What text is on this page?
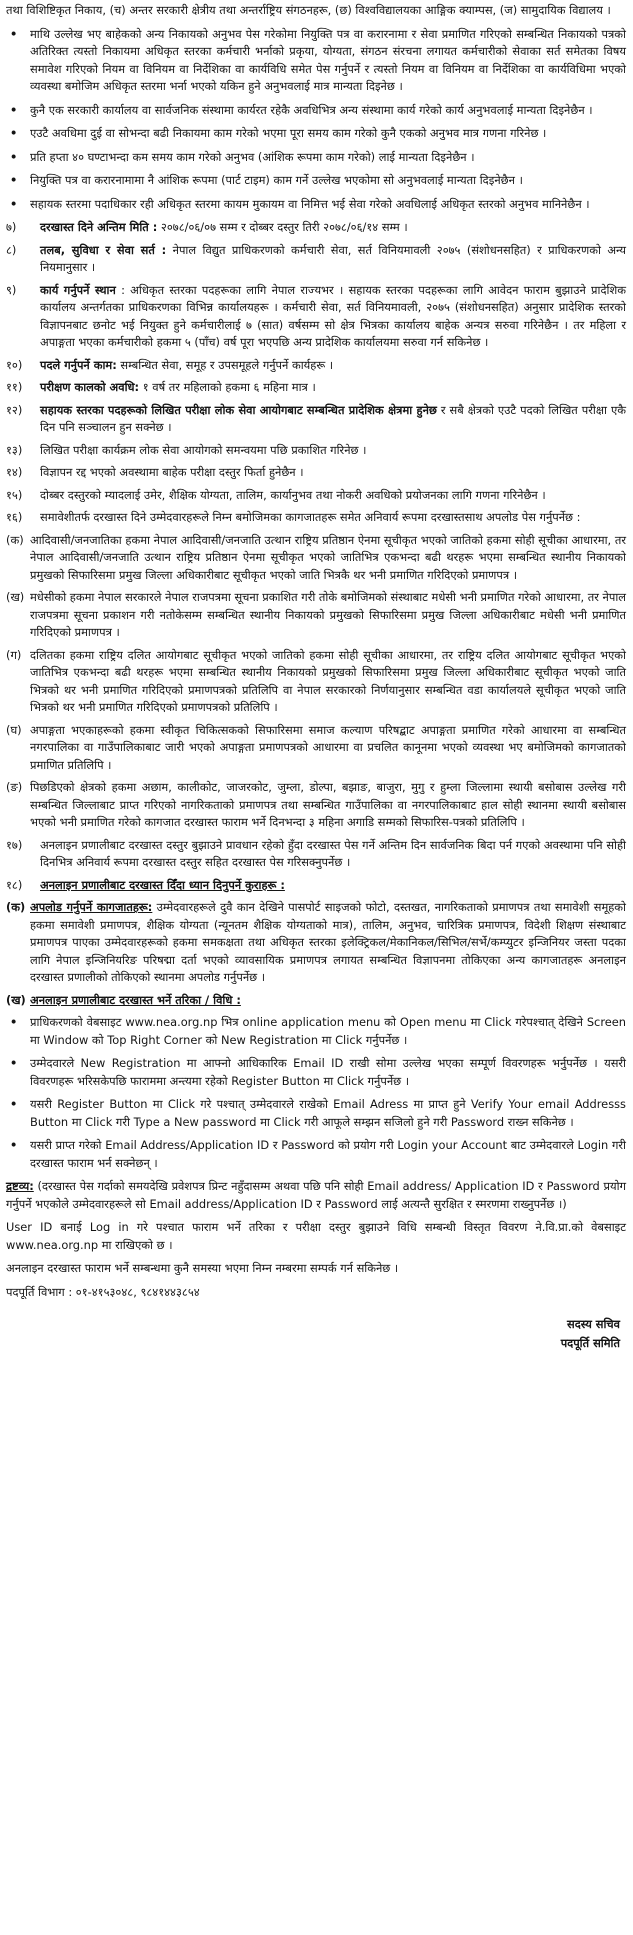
तथा विशिष्टिकृत निकाय, (च) अन्तर सरकारी क्षेत्रीय तथा अन्तर्राष्ट्रिय संगठनहरू, (छ) विश्वविद्यालयका आङ्गिक क्याम्पस, (ज) सामुदायिक विद्यालय ।
•	माथि उल्लेख भए बाहेकको अन्य निकायको अनुभव पेस गरेकोमा नियुक्ति पत्र वा करारनामा र सेवा प्रमाणित गरिएको सम्बन्धित निकायको पत्रको अतिरिक्त त्यस्तो निकायमा अधिकृत स्तरका कर्मचारी भर्नाको प्रकृया, योग्यता, संगठन संरचना लगायत कर्मचारीको सेवाका सर्त समेतका विषय समावेश गरिएको नियम वा विनियम वा निर्देशिका वा कार्यविधि समेत पेस गर्नुपर्ने र त्यस्तो नियम वा विनियम वा निर्देशिका वा कार्यविधिमा भएको व्यवस्था बमोजिम अधिकृत स्तरमा भर्ना भएको यकिन हुने अनुभवलाई मात्र मान्यता दिइनेछ ।
•	कुनै एक सरकारी कार्यालय वा सार्वजनिक संस्थामा कार्यरत रहेकै अवधिभित्र अन्य संस्थामा कार्य गरेको कार्य अनुभवलाई मान्यता दिइनेछैन ।
•	एउटै अवधिमा दुई वा सोभन्दा बढी निकायमा काम गरेको भएमा पूरा समय काम गरेको कुनै एकको अनुभव मात्र गणना गरिनेछ ।
•	प्रति हप्ता ४० घण्टाभन्दा कम समय काम गरेको अनुभव (आंशिक रूपमा काम गरेको) लाई मान्यता दिइनेछैन ।
•	नियुक्ति पत्र वा करारनामामा नै आंशिक रूपमा (पार्ट टाइम) काम गर्ने उल्लेख भएकोमा सो अनुभवलाई मान्यता दिइनेछैन ।
•	सहायक स्तरमा पदाधिकार रही अधिकृत स्तरमा कायम मुकायम वा निमित्त भई सेवा गरेको अवधिलाई अधिकृत स्तरको अनुभव मानिनेछैन ।
७)	दरखास्त दिने अन्तिम मिति : २०७८/०६/०७ सम्म र दोब्बर दस्तुर तिरी २०७८/०६/१४ सम्म ।
८)	तलब, सुविधा र सेवा सर्त : नेपाल विद्युत प्राधिकरणको कर्मचारी सेवा, सर्त विनियमावली २०७५ (संशोधनसहित) र प्राधिकरणको अन्य नियमानुसार ।
९)	कार्य गर्नुपर्ने स्थान : अधिकृत स्तरका पदहरूका लागि नेपाल राज्यभर । सहायक स्तरका पदहरूका लागि आवेदन फाराम बुझाउने प्रादेशिक कार्यालय अन्तर्गतका प्राधिकरणका विभिन्न कार्यालयहरू । कर्मचारी सेवा, सर्त विनियमावली, २०७५ (संशोधनसहित) अनुसार प्रादेशिक स्तरको विज्ञापनबाट छनोट भई नियुक्त हुने कर्मचारीलाई ७ (सात) वर्षसम्म सो क्षेत्र भित्रका कार्यालय बाहेक अन्यत्र सरुवा गरिनेछैन । तर महिला र अपाङ्गता भएका कर्मचारीको हकमा ५ (पाँच) वर्ष पूरा भएपछि अन्य प्रादेशिक कार्यालयमा सरुवा गर्न सकिनेछ ।
१०)	पदले गर्नुपर्ने काम: सम्बन्धित सेवा, समूह र उपसमूहले गर्नुपर्ने कार्यहरू ।
११)	परीक्षण कालको अवधि: १ वर्ष तर महिलाको हकमा ६ महिना मात्र ।
१२)	सहायक स्तरका पदहरूको लिखित परीक्षा लोक सेवा आयोगबाट सम्बन्धित प्रादेशिक क्षेत्रमा हुनेछ र सबै क्षेत्रको एउटै पदको लिखित परीक्षा एकै दिन पनि सञ्चालन हुन सक्नेछ ।
१३)	लिखित परीक्षा कार्यक्रम लोक सेवा आयोगको समन्वयमा पछि प्रकाशित गरिनेछ ।
१४)	विज्ञापन रद्द भएको अवस्थामा बाहेक परीक्षा दस्तुर फिर्ता हुनेछैन ।
१५)	दोब्बर दस्तुरको म्यादलाई उमेर, शैक्षिक योग्यता, तालिम, कार्यानुभव तथा नोकरी अवधिको प्रयोजनका लागि गणना गरिनेछैन ।
१६)	समावेशीतर्फ दरखास्त दिने उम्मेदवारहरूले निम्न बमोजिमका कागजातहरू समेत अनिवार्य रूपमा दरखास्तसाथ अपलोड पेस गर्नुपर्नेछ :
(क) आदिवासी/जनजातिका हकमा नेपाल आदिवासी/जनजाति उत्थान राष्ट्रिय प्रतिष्ठान ऐनमा सूचीकृत भएको जातिको हकमा सोही सूचीका आधारमा, तर नेपाल आदिवासी/जनजाति उत्थान राष्ट्रिय प्रतिष्ठान ऐनमा सूचीकृत भएको जातिभित्र एकभन्दा बढी थरहरू भएमा सम्बन्धित स्थानीय निकायको प्रमुखको सिफारिसमा प्रमुख जिल्ला अधिकारीबाट सूचीकृत भएको जाति भित्रकै थर भनी प्रमाणित गरिदिएको प्रमाणपत्र ।
(ख) मधेसीको हकमा नेपाल सरकारले नेपाल राजपत्रमा सूचना प्रकाशित गरी तोके बमोजिमको संस्थाबाट मधेसी भनी प्रमाणित गरेको आधारमा, तर नेपाल राजपत्रमा सूचना प्रकाशन गरी नतोकेसम्म सम्बन्धित स्थानीय निकायको प्रमुखको सिफारिसमा प्रमुख जिल्ला अधिकारीबाट मधेसी भनी प्रमाणित गरिदिएको प्रमाणपत्र ।
(ग) दलितका हकमा राष्ट्रिय दलित आयोगबाट सूचीकृत भएको जातिको हकमा सोही सूचीका आधारमा, तर राष्ट्रिय दलित आयोगबाट सूचीकृत भएको जातिभित्र एकभन्दा बढी थरहरू भएमा सम्बन्धित स्थानीय निकायको प्रमुखको सिफारिसमा प्रमुख जिल्ला अधिकारीबाट सूचीकृत भएको जाति भित्रको थर भनी प्रमाणित गरिदिएको प्रमाणपत्रको प्रतिलिपि वा नेपाल सरकारको निर्णयानुसार सम्बन्धित वडा कार्यालयले सूचीकृत भएको जाति भित्रको थर भनी प्रमाणित गरिदिएको प्रमाणपत्रको प्रतिलिपि ।
(घ) अपाङ्गता भएकाहरूको हकमा स्वीकृत चिकित्सकको सिफारिसमा समाज कल्याण परिषद्बाट अपाङ्गता प्रमाणित गरेको आधारमा वा सम्बन्धित नगरपालिका वा गाउँपालिकाबाट जारी भएको अपाङ्गता प्रमाणपत्रको आधारमा वा प्रचलित कानूनमा भएको व्यवस्था भए बमोजिमको कागजातको प्रमाणित प्रतिलिपि ।
(ङ) पिछडिएको क्षेत्रको हकमा अछाम, कालीकोट, जाजरकोट, जुम्ला, डोल्पा, बझाङ, बाजुरा, मुगु र हुम्ला जिल्लामा स्थायी बसोबास उल्लेख गरी सम्बन्धित जिल्लाबाट प्राप्त गरिएको नागरिकताको प्रमाणपत्र तथा सम्बन्धित गाउँपालिका वा नगरपालिकाबाट हाल सोही स्थानमा स्थायी बसोबास भएको भनी प्रमाणित गरेको कागजात दरखास्त फाराम भर्ने दिनभन्दा ३ महिना अगाडि सम्मको सिफारिस-पत्रको प्रतिलिपि ।
१७)	अनलाइन प्रणालीबाट दरखास्त दस्तुर बुझाउने प्रावधान रहेको हुँदा दरखास्त पेस गर्ने अन्तिम दिन सार्वजनिक बिदा पर्न गएको अवस्थामा पनि सोही दिनभित्र अनिवार्य रूपमा दरखास्त दस्तुर सहित दरखास्त पेस गरिसक्नुपर्नेछ ।
१८)	अनलाइन प्रणालीबाट दरखास्त दिँदा ध्यान दिनुपर्ने कुराहरू :
(क) अपलोड गर्नुपर्ने कागजातहरू: उम्मेदवारहरूले दुवै कान देखिने पासपोर्ट साइजको फोटो, दस्तखत, नागरिकताको प्रमाणपत्र तथा समावेशी समूहको हकमा समावेशी प्रमाणपत्र, शैक्षिक योग्यता (न्यूनतम शैक्षिक योग्यताको मात्र), तालिम, अनुभव, चारित्रिक प्रमाणपत्र, विदेशी शिक्षण संस्थाबाट प्रमाणपत्र पाएका उम्मेदवारहरूको हकमा समकक्षता तथा अधिकृत स्तरका इलेक्ट्रिकल/मेकानिकल/सिभिल/सर्भे/कम्प्युटर इन्जिनियर जस्ता पदका लागि नेपाल इन्जिनियरिङ परिषद्मा दर्ता भएको व्यावसायिक प्रमाणपत्र लगायत सम्बन्धित विज्ञापनमा तोकिएका अन्य कागजातहरू अनलाइन दरखास्त प्रणालीको तोकिएको स्थानमा अपलोड गर्नुपर्नेछ ।
(ख) अनलाइन प्रणालीबाट दरखास्त भर्ने तरिका / विधि :
•	प्राधिकरणको वेबसाइट www.nea.org.np भित्र online application menu को Open menu मा Click गरेपश्चात् देखिने Screen मा Window को Top Right Corner को New Registration मा Click गर्नुपर्नेछ ।
•	उम्मेदवारले New Registration मा आफ्नो आधिकारिक Email ID राखी सोमा उल्लेख भएका सम्पूर्ण विवरणहरू भर्नुपर्नेछ । यसरी विवरणहरू भरिसकेपछि फाराममा अन्त्यमा रहेको Register Button मा Click गर्नुपर्नेछ ।
•	यसरी Register Button मा Click गरे पश्चात् उम्मेदवारले राखेको Email Adress मा प्राप्त हुने Verify Your email Addresss Button मा Click गरी Type a New password मा Click गरी आफूले सम्झन सजिलो हुने गरी Password राख्न सकिनेछ ।
•	यसरी प्राप्त गरेको Email Address/Application ID र Password को प्रयोग गरी Login your Account बाट उम्मेदवारले Login गरी दरखास्त फाराम भर्न सक्नेछन् ।
द्रष्टव्य: (दरखास्त पेस गर्दाको समयदेखि प्रवेशपत्र प्रिन्ट नहुँदासम्म अथवा पछि पनि सोही Email address/ Application ID र Password प्रयोग गर्नुपर्ने भएकोले उम्मेदवारहरूले सो Email address/Application ID र Password लाई अत्यन्तै सुरक्षित र स्मरणमा राख्नुपर्नेछ ।)
User ID बनाई Log in गरे पश्चात फाराम भर्ने तरिका र परीक्षा दस्तुर बुझाउने विधि सम्बन्धी विस्तृत विवरण ने.वि.प्रा.को वेबसाइट www.nea.org.np मा राखिएको छ ।
अनलाइन दरखास्त फाराम भर्ने सम्बन्धमा कुनै समस्या भएमा निम्न नम्बरमा सम्पर्क गर्न सकिनेछ ।
पदपूर्ति विभाग : ०१-४१५३०४८, ९८४१४४३८५४
सदस्य सचिव
पदपूर्ति समिति
